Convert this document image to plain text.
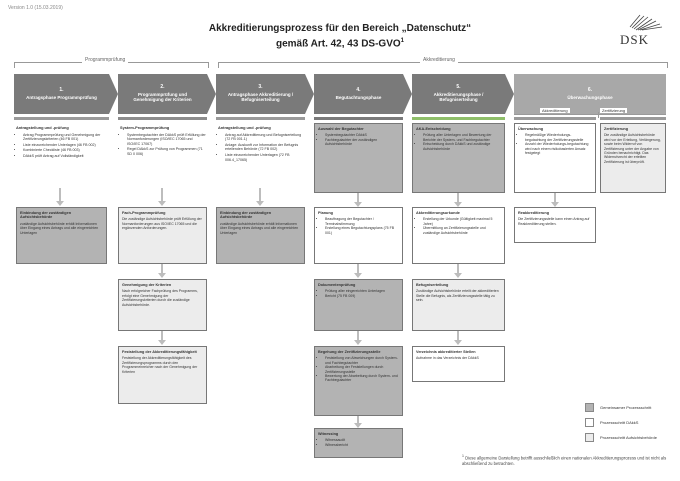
Version 1.0 (15.03.2019)
Akkreditierungsprozess für den Bereich „Datenschutz“
gemäß Art. 42, 43 DS-GVO$^1$	DSK
Programmprüfung	Akkreditierung
1.
Antragsphase Programmprüfung
2.
Programmprüfung und Genehmigung der Kriterien
3.
Antragsphase Akkreditierung / Befugniserteilung
4.
Begutachtungsphase
5.
Akkreditierungsphase / Befugniserteilung
6.
Überwachungsphase
Akkreditierung	Zertifizierung
Antragstellung und -prüfung
• Antrag Programmprüfung und Genehmigung der Zertifizierungskriterien (46 FB 001)
• Liste einzureichender Unterlagen (46 FB 002)
• Kombinierte Checkliste (46 FB 003)
• DAkkS prüft Antrag auf Vollständigkeit
Einbindung der zuständigen Aufsichtsbehörde
zuständige Aufsichtsbehörde erhält Informationen über Eingang eines Antrags und alle eingereichten Unterlagen
System-Programmprüfung
• Systembegutachter der DAkkS prüft Erfüllung der Normanforderungen (ISO/IEC 17065 und ISO/IEC 17067)
• Regel DAkkS zur Prüfung von Programmen (71 SD 0 006)
Fach-Programmprüfung
Die zuständige Aufsichtsbehörde prüft Erfüllung der Normanforderungen aus ISO/IEC 17065 und die ergänzenden Anforderungen.
Genehmigung der Kriterien
Nach erfolgreicher Fachprüfung des Programms, erfolgt eine Genehmigung der Zertifizierungskriterien durch die zuständige Aufsichtsbehörde.
Feststellung der Akkreditierungsfähigkeit
Feststellung der Akkreditierungsfähigkeit des Zertifizierungsprogramms durch den Programmeinreicher nach der Genehmigung der Kriterien
Antragstellung und -prüfung
• Antrag auf Akkreditierung und Befugniserteilung (72 FB 001.1)
• Anlage: Auskunft zur Information der Befugnis erteilenden Behörde (72 FB 002)
• Liste einzureichender Unterlagen (72 FB 006.4_17065)
Einbindung der zuständigen Aufsichtsbehörde
zuständige Aufsichtsbehörde erhält Informationen über Eingang eines Antrags und alle eingereichten Unterlagen
Auswahl der Begutachter
• Systembegutachter DAkkS
• Fachbegutachter der zuständigen Aufsichtsbehörde
Planung
• Beauftragung der Begutachter / Terminabstimmung
• Erstellung eines Begutachtungsplans (75 FB 001)
Dokumentenprüfung
• Prüfung aller eingereichten Unterlagen
• Bericht (75 FB 009)
Begehung der Zertifizierungsstelle
• Feststellung von Abweichungen durch System- und Fachbegutachter
• Abarbeitung der Feststellungen durch Zertifizierungsstelle
• Bewertung der Abarbeitung durch System- und Fachbegutachter
Witnessing
• Witnessaudit
• Witnessbericht
AKA-Entscheidung
• Prüfung aller Unterlagen und Bewertung der Berichte der System- und Fachbegutachter
• Entscheidung durch DAkkS und zuständige Aufsichtsbehörde
Akkreditierungsurkunde
• Erstellung der Urkunde (Gültigkeit maximal 5 Jahre)
• Übermittlung an Zertifizierungsstelle und zuständige Aufsichtsbehörde
Befugniserteilung
Zuständige Aufsichtsbehörde erteilt der akkreditierten Stelle die Befugnis, als Zertifizierungsstelle tätig zu sein.
Verzeichnis akkreditierter Stellen
Aufnahme in das Verzeichnis der DAkkS
Überwachung
• Regelmäßige Wiederholungs-begutachtung der Zertifizierungsstelle
• Anzahl der Wiederholungs-begutachtung wird nach einem risikobasierten Ansatz festgelegt
Zertifizierung
Die zuständige Aufsichtsbehörde wird vor der Erteilung, Verlängerung, sowie beim Widerruf von Zertifizierung unter der Angabe von Gründen benachrichtigt. Das Widerrufsrecht der erteilten Zertifizierung ist überprüft.
Reakkreditierung
Die Zertifizierungsstelle kann einen Antrag auf Reakkreditierung stellen.
Gemeinsamer Prozessschritt
Prozessschritt DAkkS
Prozessschritt Aufsichtsbehörde
$^1$ Diese allgemeine Darstellung betrifft ausschließlich einen nationalen Akkreditierungsprozess und ist nicht als abschließend zu betrachten.
